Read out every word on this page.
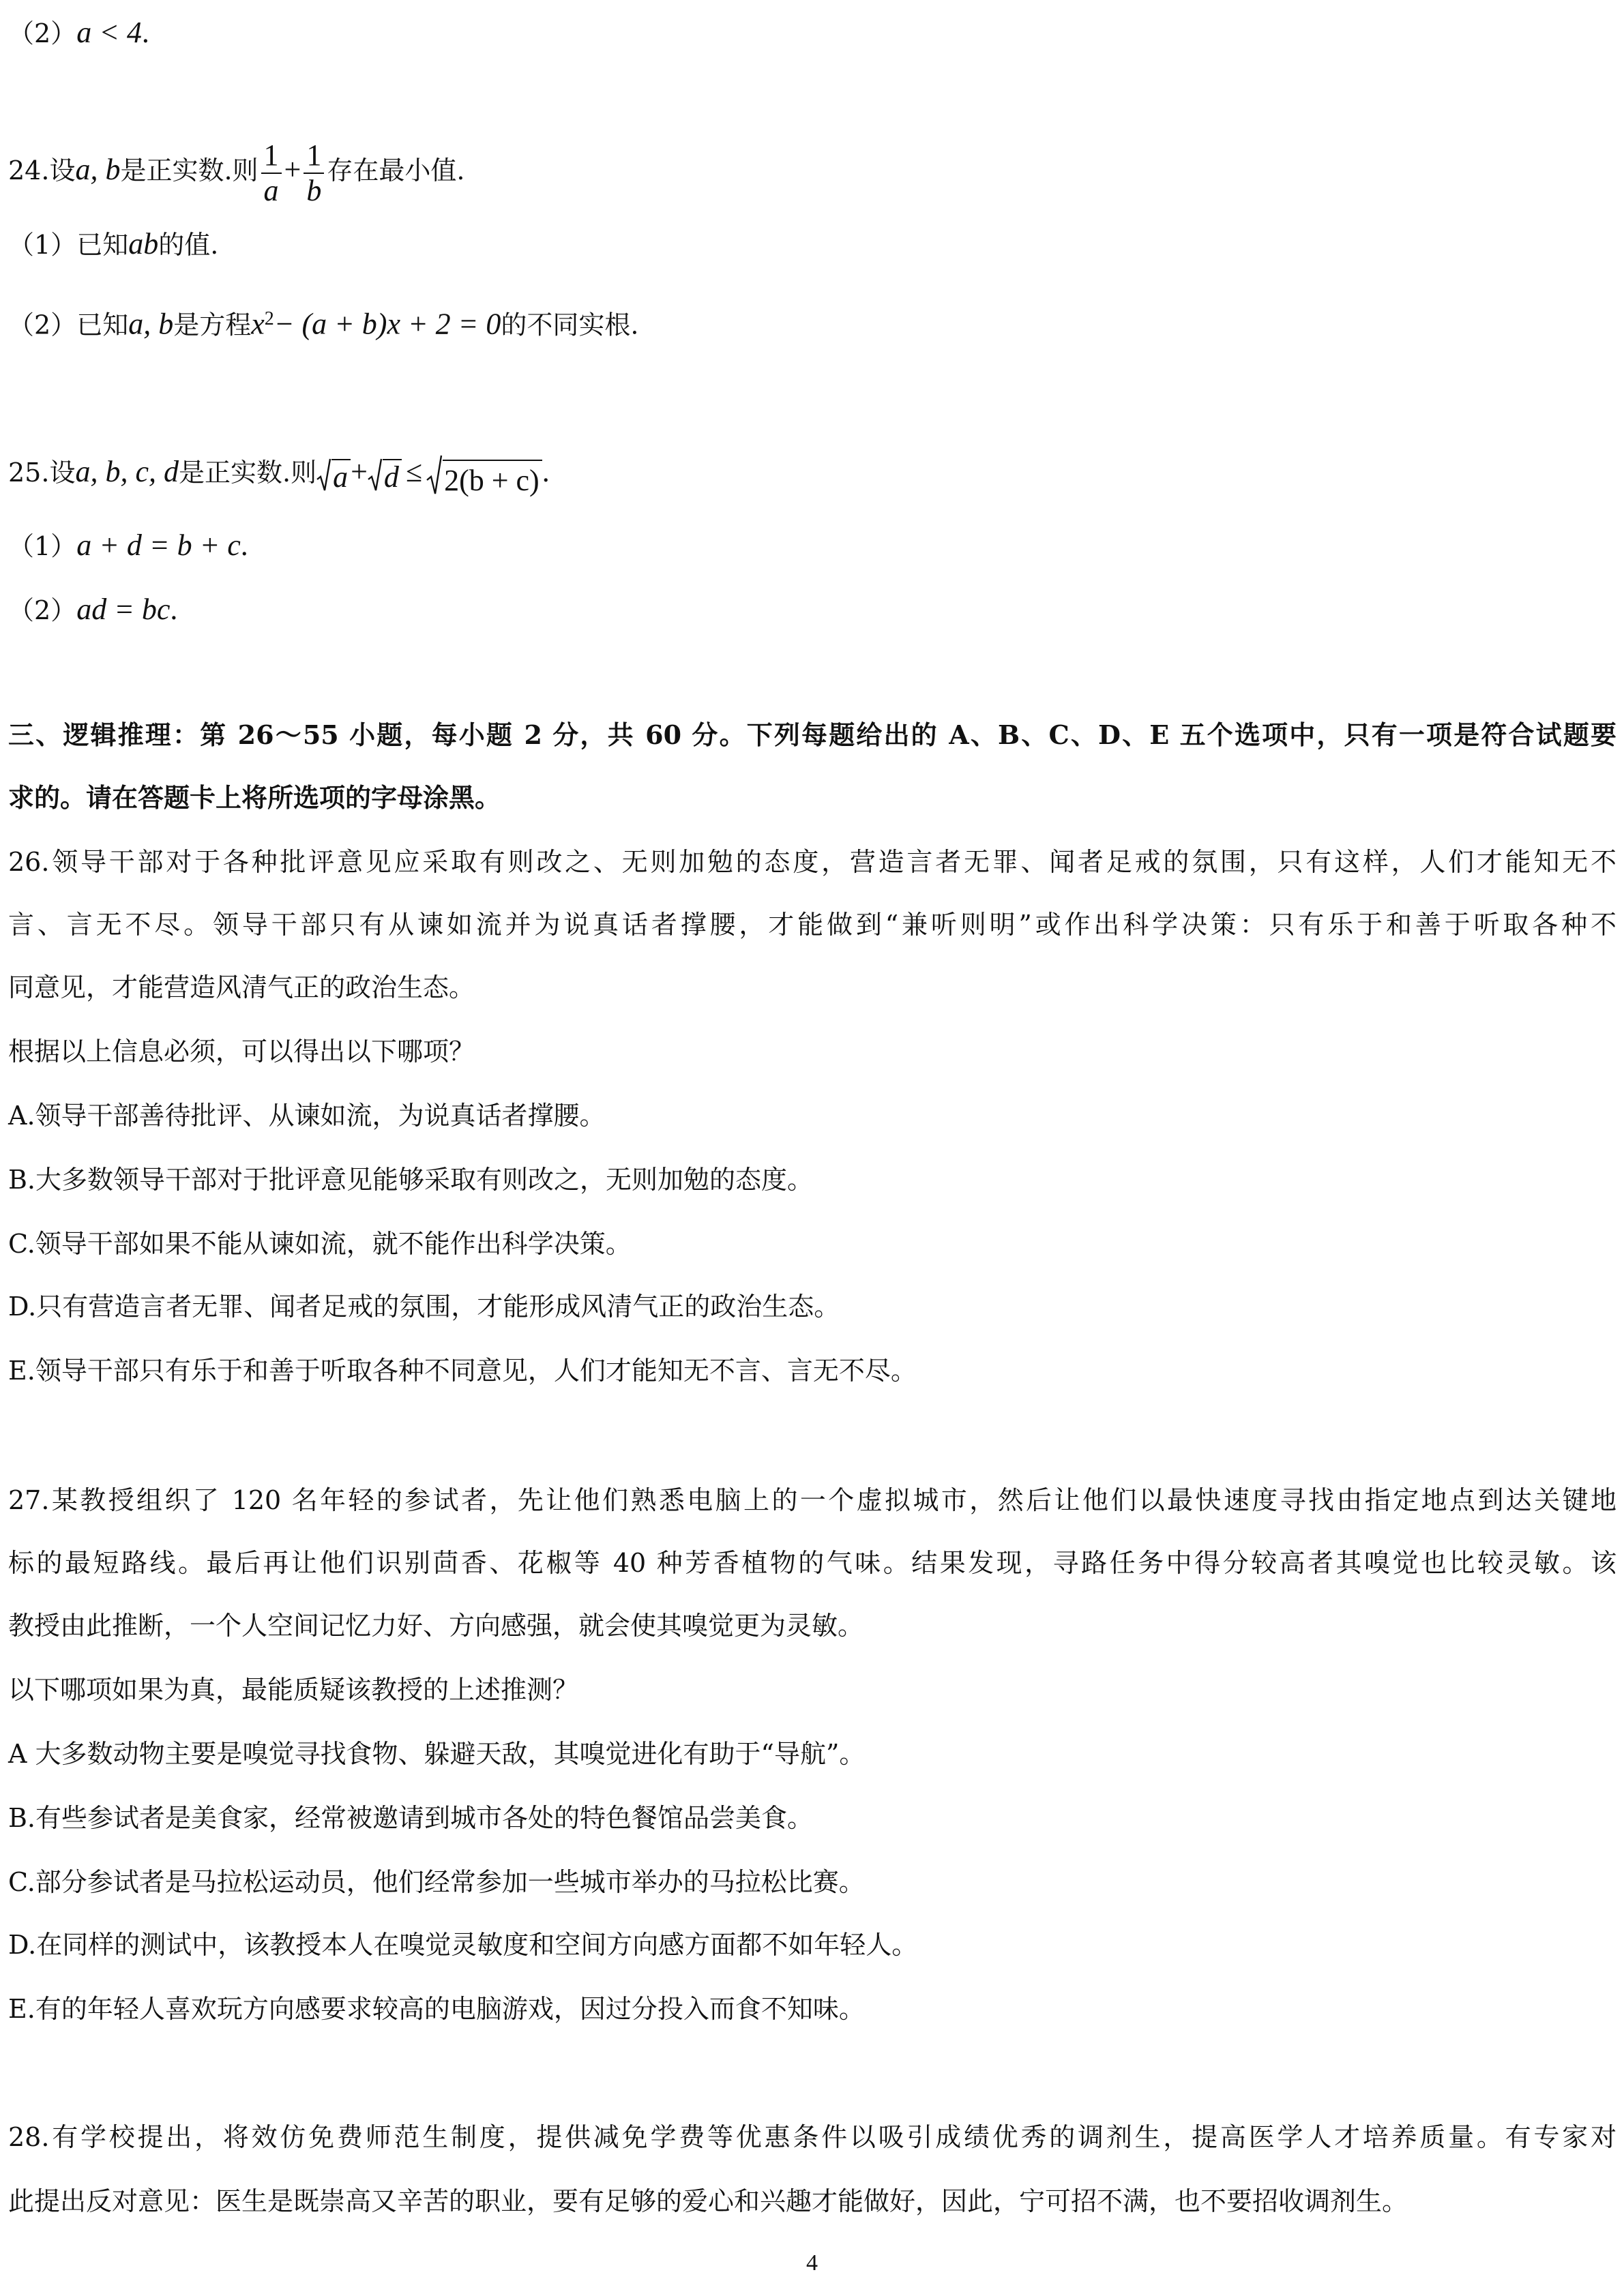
（2）a < 4.
24.设a, b是正实数.则 $\frac{1}{a} + \frac{1}{b}$ 存在最小值.
（1）已知ab的值.
（2）已知a, b是方程$x^2- (a + b)x + 2 = 0$的不同实根.
25.设a, b, c, d是正实数.则 a + d ≤ 2(b + c) .
（1）a + d = b + c.
（2）ad = bc.
三、逻辑推理：第 26～55 小题，每小题 2 分，共 60 分。下列每题给出的 A、B、C、D、E 五个选项中，只有一项是符合试题要
求的。请在答题卡上将所选项的字母涂黑。
26.领导干部对于各种批评意见应采取有则改之、无则加勉的态度，营造言者无罪、闻者足戒的氛围，只有这样，人们才能知无不
言、言无不尽。领导干部只有从谏如流并为说真话者撑腰，才能做到“兼听则明”或作出科学决策：只有乐于和善于听取各种不
同意见，才能营造风清气正的政治生态。
根据以上信息必须，可以得出以下哪项？
A.领导干部善待批评、从谏如流，为说真话者撑腰。
B.大多数领导干部对于批评意见能够采取有则改之，无则加勉的态度。
C.领导干部如果不能从谏如流，就不能作出科学决策。
D.只有营造言者无罪、闻者足戒的氛围，才能形成风清气正的政治生态。
E.领导干部只有乐于和善于听取各种不同意见，人们才能知无不言、言无不尽。
27.某教授组织了 120 名年轻的参试者，先让他们熟悉电脑上的一个虚拟城市，然后让他们以最快速度寻找由指定地点到达关键地
标的最短路线。最后再让他们识别茴香、花椒等 40 种芳香植物的气味。结果发现，寻路任务中得分较高者其嗅觉也比较灵敏。该
教授由此推断，一个人空间记忆力好、方向感强，就会使其嗅觉更为灵敏。
以下哪项如果为真，最能质疑该教授的上述推测？
A 大多数动物主要是嗅觉寻找食物、躲避天敌，其嗅觉进化有助于“导航”。
B.有些参试者是美食家，经常被邀请到城市各处的特色餐馆品尝美食。
C.部分参试者是马拉松运动员，他们经常参加一些城市举办的马拉松比赛。
D.在同样的测试中，该教授本人在嗅觉灵敏度和空间方向感方面都不如年轻人。
E.有的年轻人喜欢玩方向感要求较高的电脑游戏，因过分投入而食不知味。
28.有学校提出，将效仿免费师范生制度，提供减免学费等优惠条件以吸引成绩优秀的调剂生，提高医学人才培养质量。有专家对
此提出反对意见：医生是既崇高又辛苦的职业，要有足够的爱心和兴趣才能做好，因此，宁可招不满，也不要招收调剂生。
4
